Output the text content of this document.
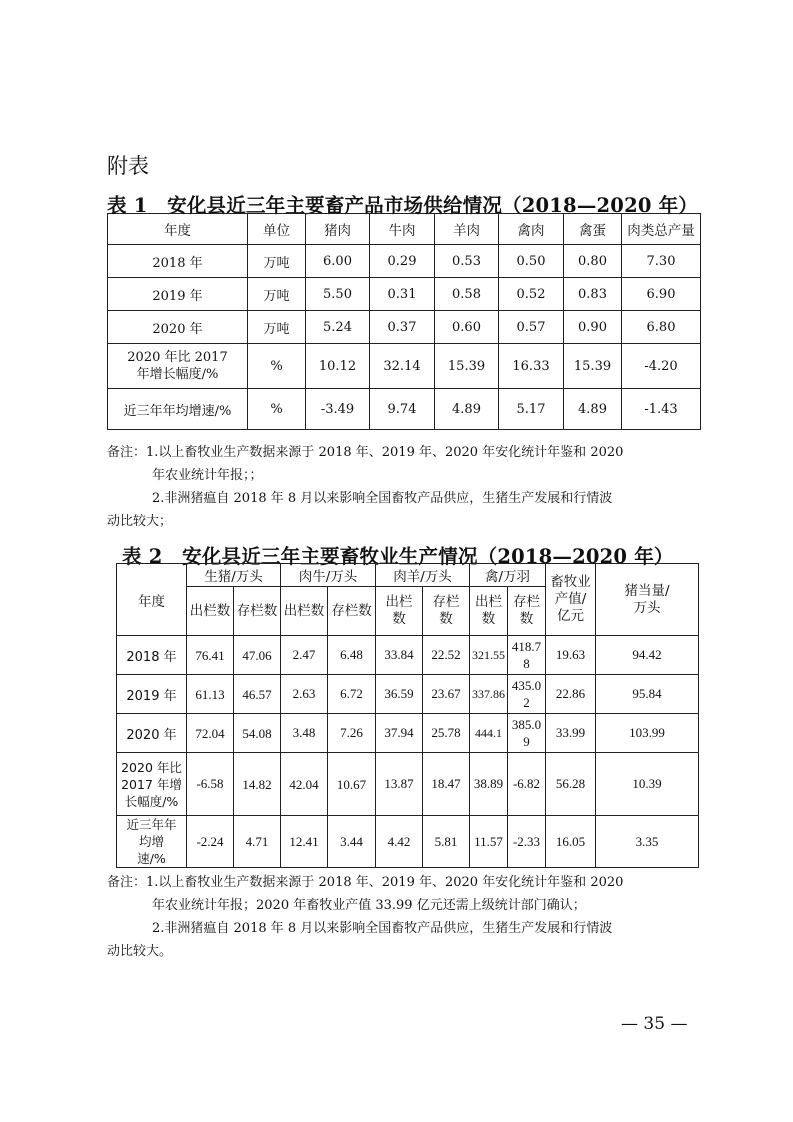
附表
表 1　安化县近三年主要畜产品市场供给情况（2018—2020 年）
年度	单位	猪肉	牛肉	羊肉	禽肉	禽蛋	肉类总产量
2018 年	万吨	6.00	0.29	0.53	0.50	0.80	7.30
2019 年	万吨	5.50	0.31	0.58	0.52	0.83	6.90
2020 年	万吨	5.24	0.37	0.60	0.57	0.90	6.80

2020 年比 2017 年增长幅度/%	%	10.12	32.14	15.39	16.33	15.39	-4.20
近三年年均增速/%	%	-3.49	9.74	4.89	5.17	4.89	-1.43
备注：1.以上畜牧业生产数据来源于 2018 年、2019 年、2020 年安化统计年鉴和 2020
年农业统计年报；；
2.非洲猪瘟自 2018 年 8 月以来影响全国畜牧产品供应，生猪生产发展和行情波
动比较大；
表 2　安化县近三年主要畜牧业生产情况（2018—2020 年）
年度	生猪/万头		肉牛/万头		肉羊/万头		禽/万羽		畜牧业产值/亿元	猪当量/万头

	出栏数	存栏数	出栏数	存栏数	出栏数	存栏数	出栏数	存栏数		

2018 年	76.41	47.06	2.47	6.48	33.84	22.52	321.55	418.78	19.63	94.42
2019 年	61.13	46.57	2.63	6.72	36.59	23.67	337.86	435.02	22.86	95.84
2020 年	72.04	54.08	3.48	7.26	37.94	25.78	444.1	385.09	33.99	103.99

2020 年比 2017 年增长幅度/%	-6.58	14.82	42.04	10.67	13.87	18.47	38.89	-6.82	56.28	10.39

近三年年均增速/%	-2.24	4.71	12.41	3.44	4.42	5.81	11.57	-2.33	16.05	3.35
备注：1.以上畜牧业生产数据来源于 2018 年、2019 年、2020 年安化统计年鉴和 2020
年农业统计年报；2020 年畜牧业产值 33.99 亿元还需上级统计部门确认；
2.非洲猪瘟自 2018 年 8 月以来影响全国畜牧产品供应，生猪生产发展和行情波
动比较大。
— 35 —
